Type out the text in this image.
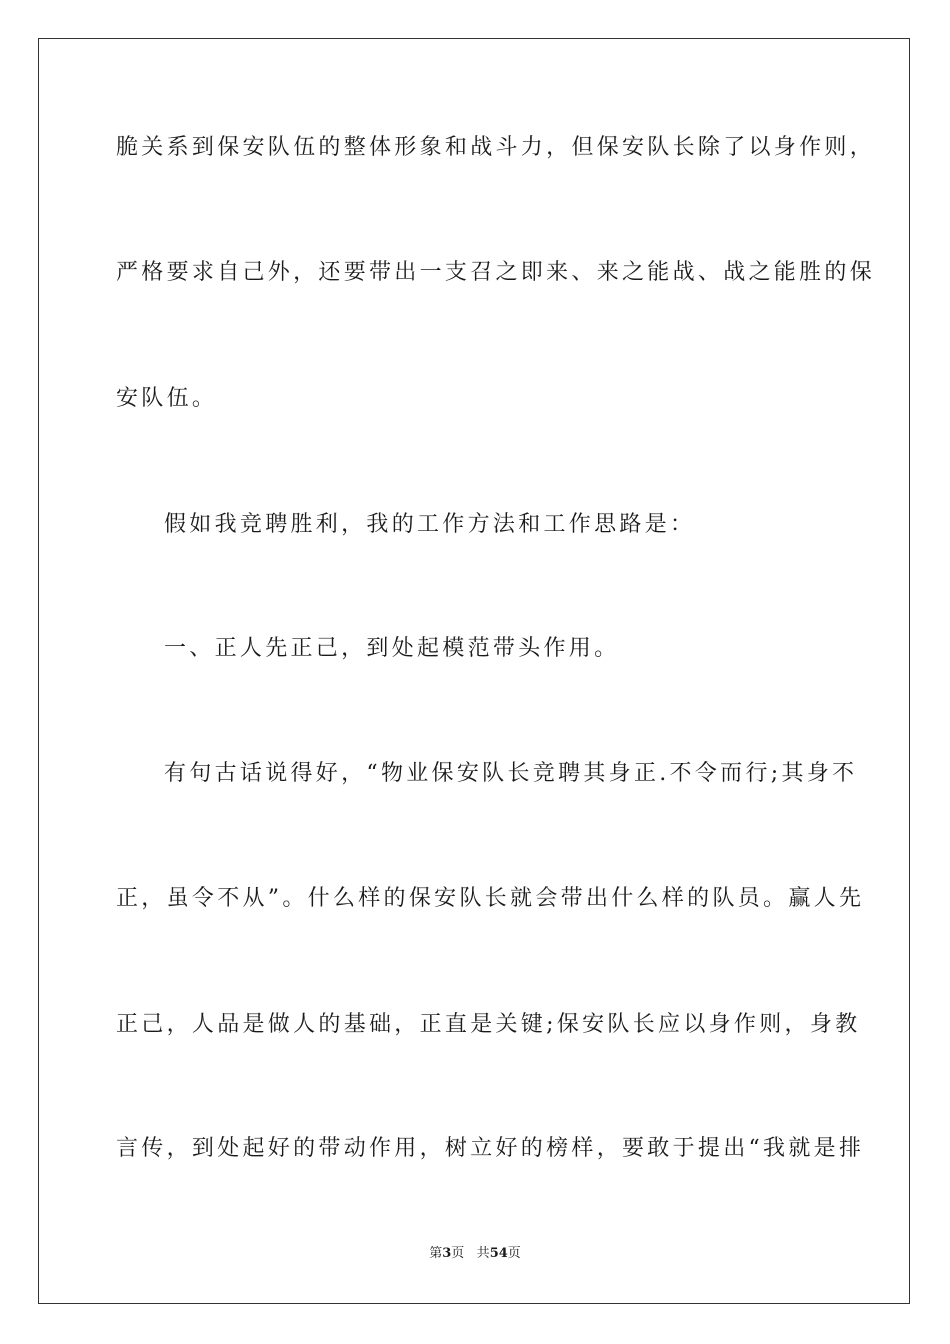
脆关系到保安队伍的整体形象和战斗力，但保安队长除了以身作则，
严格要求自己外，还要带出一支召之即来、来之能战、战之能胜的保
安队伍。
假如我竞聘胜利，我的工作方法和工作思路是：
一、正人先正己，到处起模范带头作用。
有句古话说得好，“物业保安队长竞聘其身正.不令而行;其身不
正，虽令不从”。什么样的保安队长就会带出什么样的队员。赢人先
正己，人品是做人的基础，正直是关键;保安队长应以身作则，身教
言传，到处起好的带动作用，树立好的榜样，要敢于提出“我就是排
第3页 共54页
